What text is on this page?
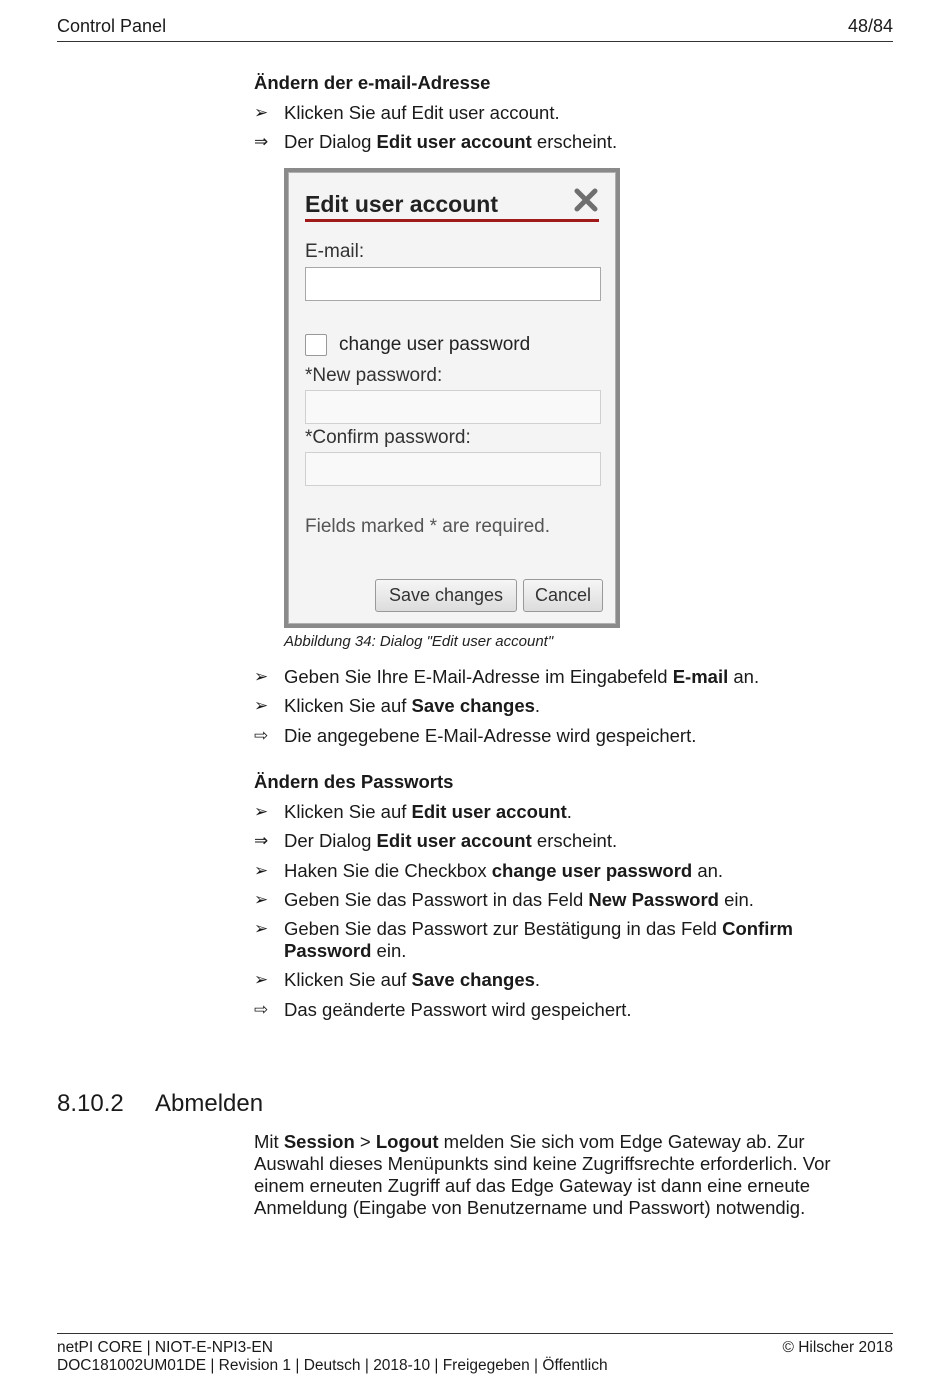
Control Panel	48/84
Ändern der e-mail-Adresse
➢ Klicken Sie auf Edit user account.
⇒ Der Dialog Edit user account erscheint.
Edit user account
E-mail:
change user password
*New password:
*Confirm password:
Fields marked * are required.
Save changes	Cancel
Abbildung 34: Dialog "Edit user account"
➢ Geben Sie Ihre E-Mail-Adresse im Eingabefeld E-mail an.
➢ Klicken Sie auf Save changes.
⇨ Die angegebene E-Mail-Adresse wird gespeichert.
Ändern des Passworts
➢ Klicken Sie auf Edit user account.
⇒ Der Dialog Edit user account erscheint.
➢ Haken Sie die Checkbox change user password an.
➢ Geben Sie das Passwort in das Feld New Password ein.
➢ Geben Sie das Passwort zur Bestätigung in das Feld Confirm Password ein.
➢ Klicken Sie auf Save changes.
⇨ Das geänderte Passwort wird gespeichert.
8.10.2 Abmelden
Mit Session > Logout melden Sie sich vom Edge Gateway ab. Zur Auswahl dieses Menüpunkts sind keine Zugriffsrechte erforderlich. Vor einem erneuten Zugriff auf das Edge Gateway ist dann eine erneute Anmeldung (Eingabe von Benutzername und Passwort) notwendig.
netPI CORE | NIOT-E-NPI3-EN	© Hilscher 2018
DOC181002UM01DE | Revision 1 | Deutsch | 2018-10 | Freigegeben | Öffentlich
